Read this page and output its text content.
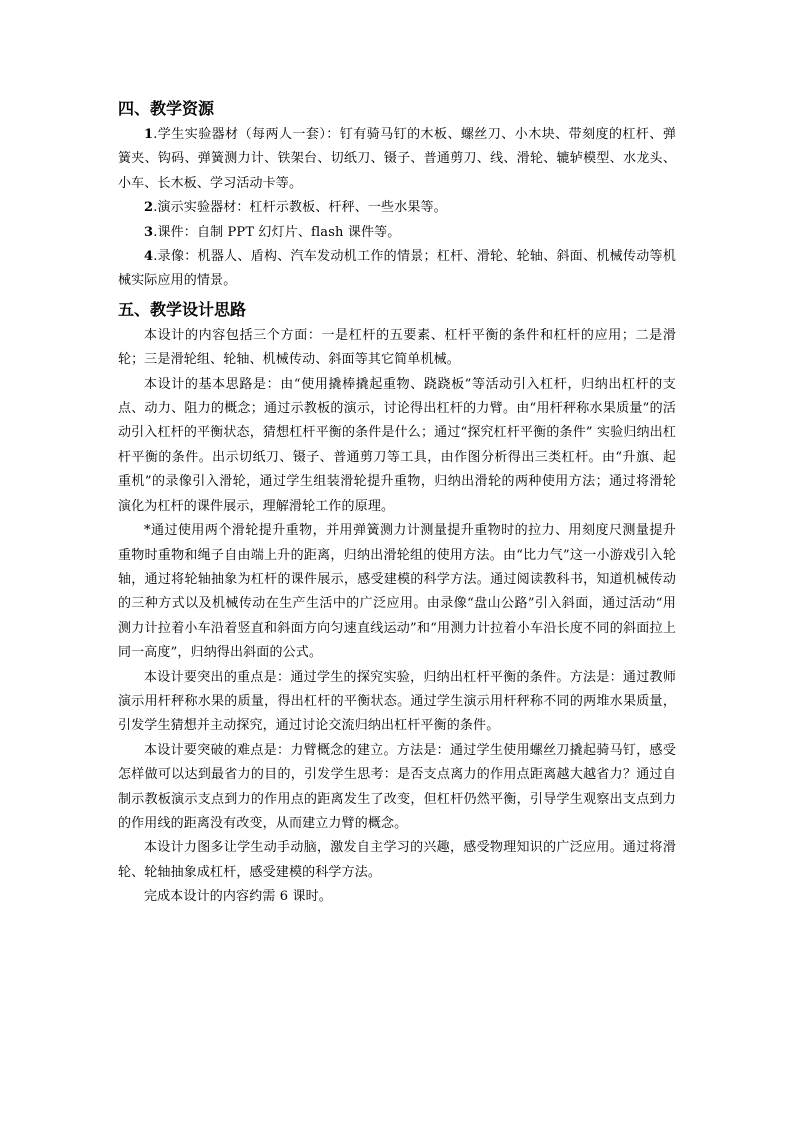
四、教学资源

1.学生实验器材（每两人一套）：钉有骑马钉的木板、螺丝刀、小木块、带刻度的杠杆、弹簧夹、钩码、弹簧测力计、铁架台、切纸刀、镊子、普通剪刀、线、滑轮、辘轳模型、水龙头、小车、长木板、学习活动卡等。

2.演示实验器材：杠杆示教板、杆秤、一些水果等。

3.课件：自制 PPT 幻灯片、flash 课件等。

4.录像：机器人、盾构、汽车发动机工作的情景；杠杆、滑轮、轮轴、斜面、机械传动等机械实际应用的情景。

五、教学设计思路

本设计的内容包括三个方面：一是杠杆的五要素、杠杆平衡的条件和杠杆的应用；二是滑轮；三是滑轮组、轮轴、机械传动、斜面等其它简单机械。

本设计的基本思路是：由“使用撬棒撬起重物、跷跷板”等活动引入杠杆，归纳出杠杆的支点、动力、阻力的概念；通过示教板的演示，讨论得出杠杆的力臂。由“用杆秤称水果质量”的活动引入杠杆的平衡状态，猜想杠杆平衡的条件是什么；通过“探究杠杆平衡的条件” 实验归纳出杠杆平衡的条件。出示切纸刀、镊子、普通剪刀等工具，由作图分析得出三类杠杆。由“升旗、起重机”的录像引入滑轮，通过学生组装滑轮提升重物，归纳出滑轮的两种使用方法；通过将滑轮演化为杠杆的课件展示，理解滑轮工作的原理。

*通过使用两个滑轮提升重物，并用弹簧测力计测量提升重物时的拉力、用刻度尺测量提升重物时重物和绳子自由端上升的距离，归纳出滑轮组的使用方法。由“比力气”这一小游戏引入轮轴，通过将轮轴抽象为杠杆的课件展示，感受建模的科学方法。通过阅读教科书，知道机械传动的三种方式以及机械传动在生产生活中的广泛应用。由录像“盘山公路”引入斜面，通过活动“用测力计拉着小车沿着竖直和斜面方向匀速直线运动”和“用测力计拉着小车沿长度不同的斜面拉上同一高度”，归纳得出斜面的公式。

本设计要突出的重点是：通过学生的探究实验，归纳出杠杆平衡的条件。方法是：通过教师演示用杆秤称水果的质量，得出杠杆的平衡状态。通过学生演示用杆秤称不同的两堆水果质量，引发学生猜想并主动探究，通过讨论交流归纳出杠杆平衡的条件。

本设计要突破的难点是：力臂概念的建立。方法是：通过学生使用螺丝刀撬起骑马钉，感受怎样做可以达到最省力的目的，引发学生思考：是否支点离力的作用点距离越大越省力？通过自制示教板演示支点到力的作用点的距离发生了改变，但杠杆仍然平衡，引导学生观察出支点到力的作用线的距离没有改变，从而建立力臂的概念。

本设计力图多让学生动手动脑，激发自主学习的兴趣，感受物理知识的广泛应用。通过将滑轮、轮轴抽象成杠杆，感受建模的科学方法。

完成本设计的内容约需 6 课时。
